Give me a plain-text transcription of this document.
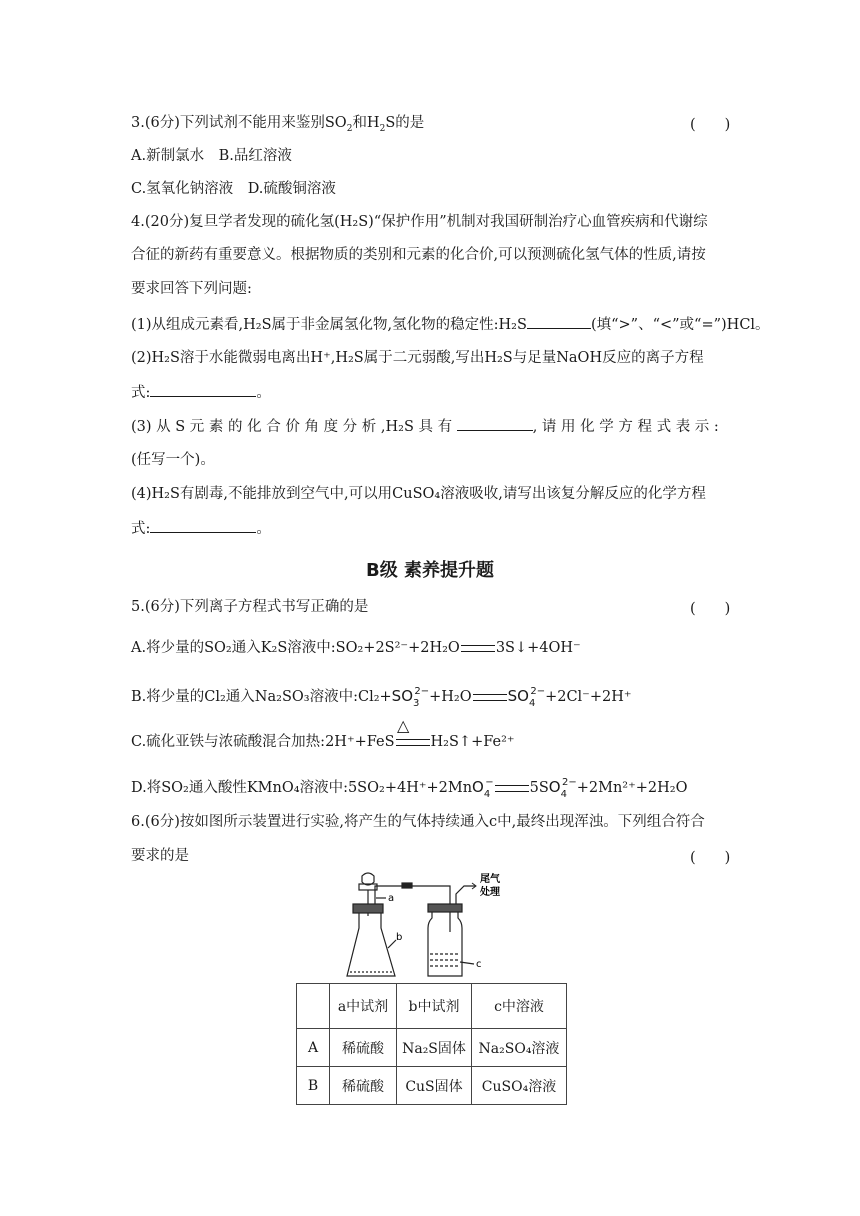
3.(6分)下列试剂不能用来鉴别$SO_2$和$H_2S$的是	(　　)
A.新制氯水　 B.品红溶液
C.氢氧化钠溶液　 D.硫酸铜溶液
4.(20分)复旦学者发现的硫化氢(H₂S)“保护作用”机制对我国研制治疗心血管疾病和代谢综
合征的新药有重要意义。根据物质的类别和元素的化合价,可以预测硫化氢气体的性质,请按
要求回答下列问题:
(1)从组成元素看,H₂S属于非金属氢化物,氢化物的稳定性:H₂S	(填“>”、“<”或“=”)HCl。
(2)H₂S溶于水能微弱电离出H⁺,H₂S属于二元弱酸,写出H₂S与足量NaOH反应的离子方程
式:	。
(3) 从 S 元 素 的 化 合 价 角 度 分 析 ,H₂S 具 有	, 请 用 化 学 方 程 式 表 示 :
(任写一个)。
(4)H₂S有剧毒,不能排放到空气中,可以用CuSO₄溶液吸收,请写出该复分解反应的化学方程
式:	。
B级 素养提升题
5.(6分)下列离子方程式书写正确的是	(　　)
A.将少量的SO₂通入K₂S溶液中:SO₂+2S²⁻+2H₂O 3S↓+4OH⁻
B.将少量的Cl₂通入Na₂SO₃溶液中$:Cl_2+SO_3^{2-}+H_2O$ $SO_4^{2-}+2Cl^-+2H^+$
△
C.硫化亚铁与浓硫酸混合加热:2H⁺+FeS H₂S↑+Fe²⁺
D.将SO₂通入酸性KMnO₄溶液中:5SO₂+4H⁺+2MnO$_4$− $5SO_4^{2-}+2Mn^{2+}+2H_2O$
6.(6分)按如图所示装置进行实验,将产生的气体持续通入c中,最终出现浑浊。下列组合符合
要求的是	(　　)
a
b
c
尾气
处理
	a中试剂	b中试剂	c中溶液
A	稀硫酸	Na₂S固体	Na₂SO₄溶液
B	稀硫酸	CuS固体	CuSO₄溶液
